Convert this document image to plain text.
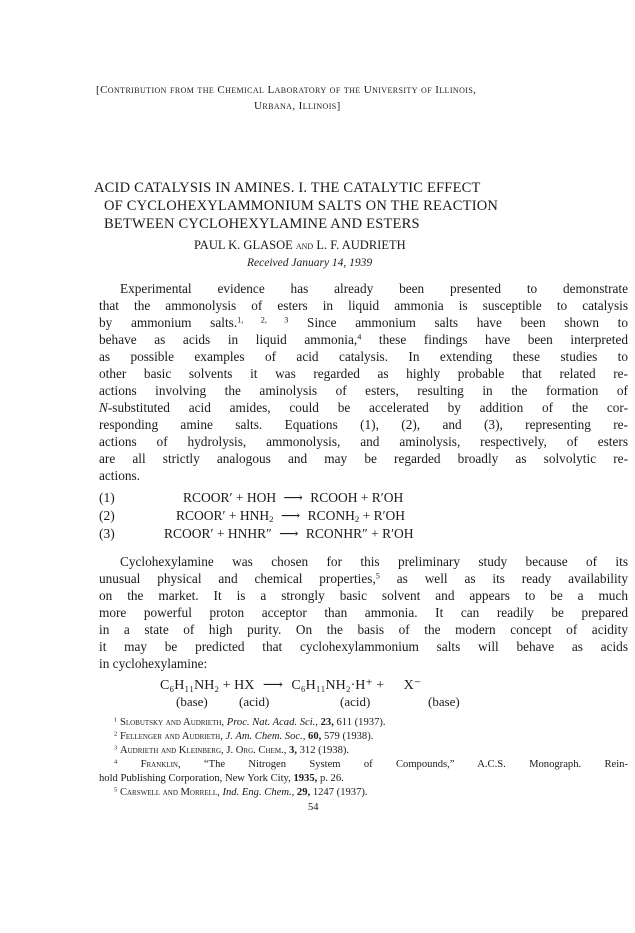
[Contribution from the Chemical Laboratory of the University of Illinois,
Urbana, Illinois]
ACID CATALYSIS IN AMINES. I. THE CATALYTIC EFFECT
OF CYCLOHEXYLAMMONIUM SALTS ON THE REACTION
BETWEEN CYCLOHEXYLAMINE AND ESTERS
PAUL K. GLASOE and L. F. AUDRIETH
Received January 14, 1939
Experimental evidence has already been presented to demonstrate
that the ammonolysis of esters in liquid ammonia is susceptible to catalysis
by ammonium salts.$^{1, 2, 3}$ Since ammonium salts have been shown to
behave as acids in liquid ammonia,$^4$ these findings have been interpreted
as possible examples of acid catalysis. In extending these studies to
other basic solvents it was regarded as highly probable that related re-
actions involving the aminolysis of esters, resulting in the formation of
N-substituted acid amides, could be accelerated by addition of the cor-
responding amine salts. Equations (1), (2), and (3), representing re-
actions of hydrolysis, ammonolysis, and aminolysis, respectively, of esters
are all strictly analogous and may be regarded broadly as solvolytic re-
actions.
(1)	RCOOR′ + HOH ⟶ RCOOH + R′OH
(2)	RCOOR′ + $HNH_2$ ⟶ $RCONH_2 + R'OH$
(3)	RCOOR′ + HNHR″ ⟶ RCONHR″ + R′OH
Cyclohexylamine was chosen for this preliminary study because of its
unusual physical and chemical properties,$^5$ as well as its ready availability
on the market. It is a strongly basic solvent and appears to be a much
more powerful proton acceptor than ammonia. It can readily be prepared
in a state of high purity. On the basis of the modern concept of acidity
it may be predicted that cyclohexylammonium salts will behave as acids
in cyclohexylamine:
C₆H₁₁NH₂ + HX ⟶ C₆H₁₁NH₂·H⁺ + X⁻
(base) (acid)	(acid)	(base)
$^1$ Slobutsky and Audrieth, Proc. Nat. Acad. Sci., 23, 611 (1937).
$^2$ Fellenger and Audrieth, J. Am. Chem. Soc., 60, 579 (1938).
$^3$ Audrieth and Kleinberg, J. Org. Chem., 3, 312 (1938).
$^4$ Franklin, “The Nitrogen System of Compounds,” A.C.S. Monograph. Rein-
hold Publishing Corporation, New York City, 1935, p. 26.
$^5$ Carswell and Morrell, Ind. Eng. Chem., 29, 1247 (1937).
54
